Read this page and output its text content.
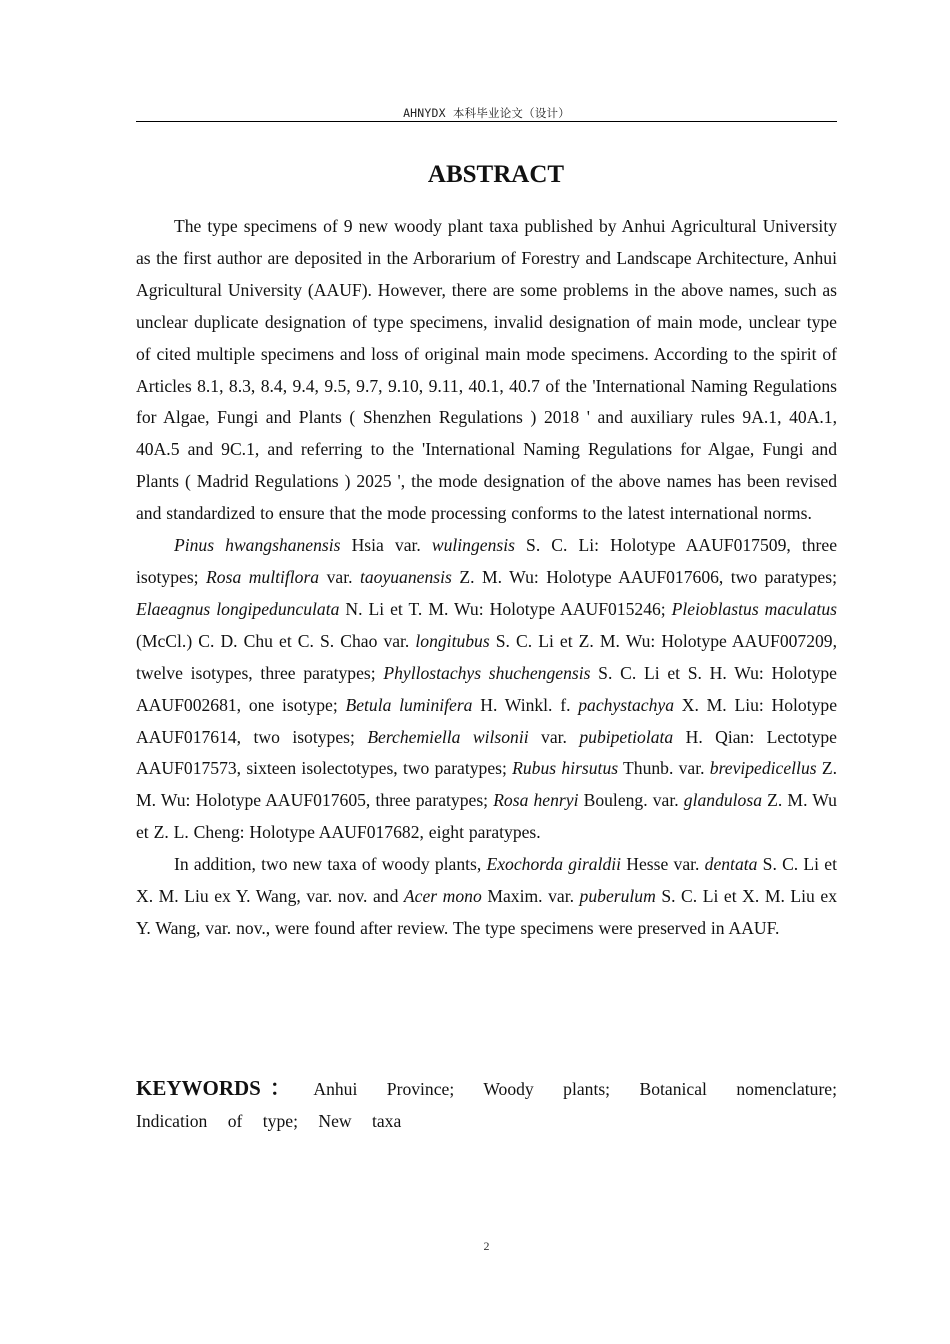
AHNYDX 本科毕业论文（设计）
ABSTRACT

The type specimens of 9 new woody plant taxa published by Anhui Agricultural University as the first author are deposited in the Arborarium of Forestry and Landscape Architecture, Anhui Agricultural University (AAUF). However, there are some problems in the above names, such as unclear duplicate designation of type specimens, invalid designation of main mode, unclear type of cited multiple specimens and loss of original main mode specimens. According to the spirit of Articles 8.1, 8.3, 8.4, 9.4, 9.5, 9.7, 9.10, 9.11, 40.1, 40.7 of the 'International Naming Regulations for Algae, Fungi and Plants ( Shenzhen Regulations ) 2018 ' and auxiliary rules 9A.1, 40A.1, 40A.5 and 9C.1, and referring to the 'International Naming Regulations for Algae, Fungi and Plants ( Madrid Regulations ) 2025 ', the mode designation of the above names has been revised and standardized to ensure that the mode processing conforms to the latest international norms.

Pinus hwangshanensis Hsia var. wulingensis S. C. Li: Holotype AAUF017509, three isotypes; Rosa multiflora var. taoyuanensis Z. M. Wu: Holotype AAUF017606, two paratypes; Elaeagnus longipedunculata N. Li et T. M. Wu: Holotype AAUF015246; Pleioblastus maculatus (McCl.) C. D. Chu et C. S. Chao var. longitubus S. C. Li et Z. M. Wu: Holotype AAUF007209, twelve isotypes, three paratypes; Phyllostachys shuchengensis S. C. Li et S. H. Wu: Holotype AAUF002681, one isotype; Betula luminifera H. Winkl. f. pachystachya X. M. Liu: Holotype AAUF017614, two isotypes; Berchemiella wilsonii var. pubipetiolata H. Qian: Lectotype AAUF017573, sixteen isolectotypes, two paratypes; Rubus hirsutus Thunb. var. brevipedicellus Z. M. Wu: Holotype AAUF017605, three paratypes; Rosa henryi Bouleng. var. glandulosa Z. M. Wu et Z. L. Cheng: Holotype AAUF017682, eight paratypes.

In addition, two new taxa of woody plants, Exochorda giraldii Hesse var. dentata S. C. Li et X. M. Liu ex Y. Wang, var. nov. and Acer mono Maxim. var. puberulum S. C. Li et X. M. Liu ex Y. Wang, var. nov., were found after review. The type specimens were preserved in AAUF.

KEYWORDS： Anhui Province; Woody plants; Botanical nomenclature; Indication of type; New taxa
2
